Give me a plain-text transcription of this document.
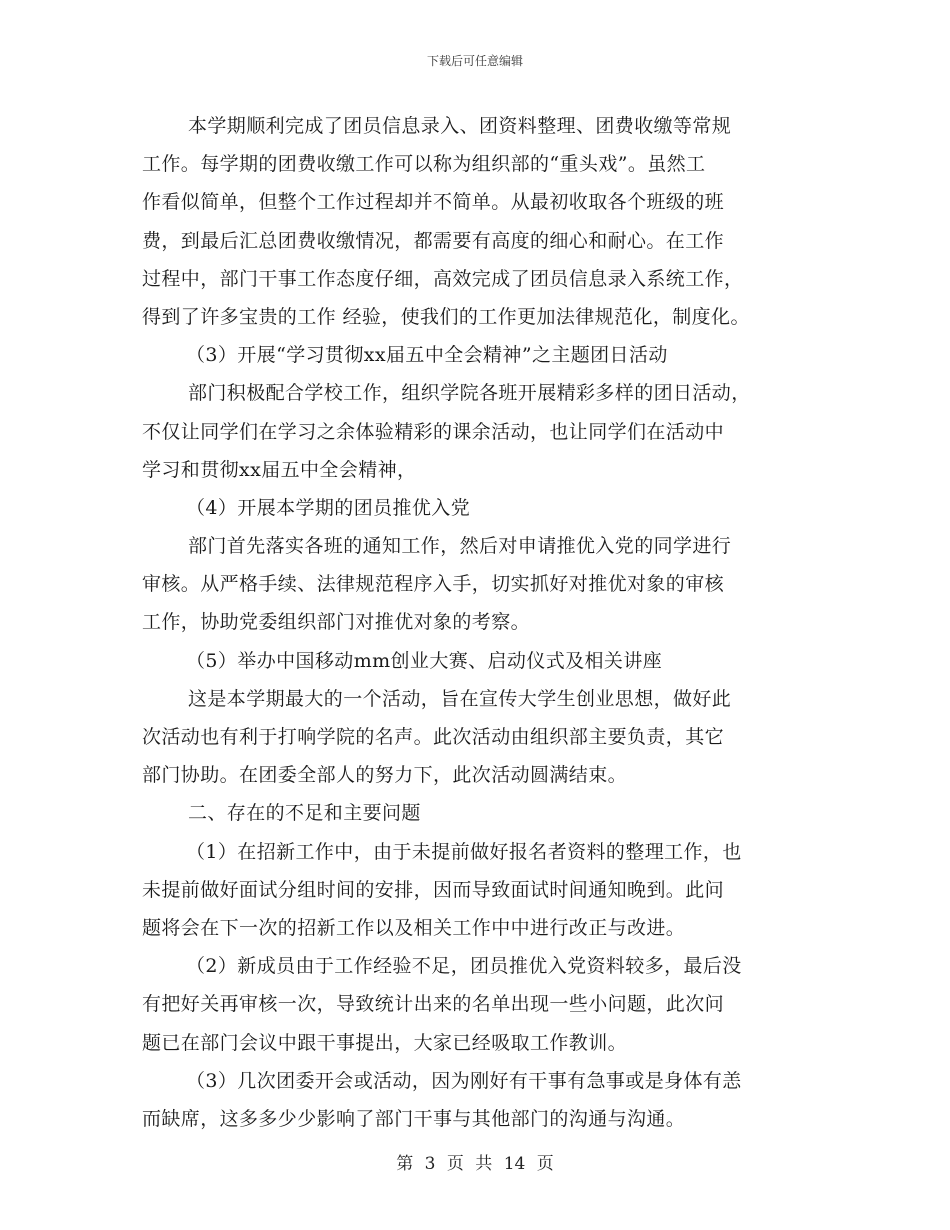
下载后可任意编辑
本学期顺利完成了团员信息录入、团资料整理、团费收缴等常规
工作。每学期的团费收缴工作可以称为组织部的“重头戏”。虽然工
作看似简单，但整个工作过程却并不简单。从最初收取各个班级的班
费，到最后汇总团费收缴情况，都需要有高度的细心和耐心。在工作
过程中，部门干事工作态度仔细，高效完成了团员信息录入系统工作，
得到了许多宝贵的工作 经验，使我们的工作更加法律规范化，制度化。
（3）开展“学习贯彻xx届五中全会精神”之主题团日活动
部门积极配合学校工作，组织学院各班开展精彩多样的团日活动，
不仅让同学们在学习之余体验精彩的课余活动，也让同学们在活动中
学习和贯彻xx届五中全会精神，
（4）开展本学期的团员推优入党
部门首先落实各班的通知工作，然后对申请推优入党的同学进行
审核。从严格手续、法律规范程序入手，切实抓好对推优对象的审核
工作，协助党委组织部门对推优对象的考察。
（5）举办中国移动mm创业大赛、启动仪式及相关讲座
这是本学期最大的一个活动，旨在宣传大学生创业思想，做好此
次活动也有利于打响学院的名声。此次活动由组织部主要负责，其它
部门协助。在团委全部人的努力下，此次活动圆满结束。
二、存在的不足和主要问题
（1）在招新工作中，由于未提前做好报名者资料的整理工作，也
未提前做好面试分组时间的安排，因而导致面试时间通知晚到。此问
题将会在下一次的招新工作以及相关工作中中进行改正与改进。
（2）新成员由于工作经验不足，团员推优入党资料较多，最后没
有把好关再审核一次，导致统计出来的名单出现一些小问题，此次问
题已在部门会议中跟干事提出，大家已经吸取工作教训。
（3）几次团委开会或活动，因为刚好有干事有急事或是身体有恙
而缺席，这多多少少影响了部门干事与其他部门的沟通与沟通。
第 3 页 共 14 页
